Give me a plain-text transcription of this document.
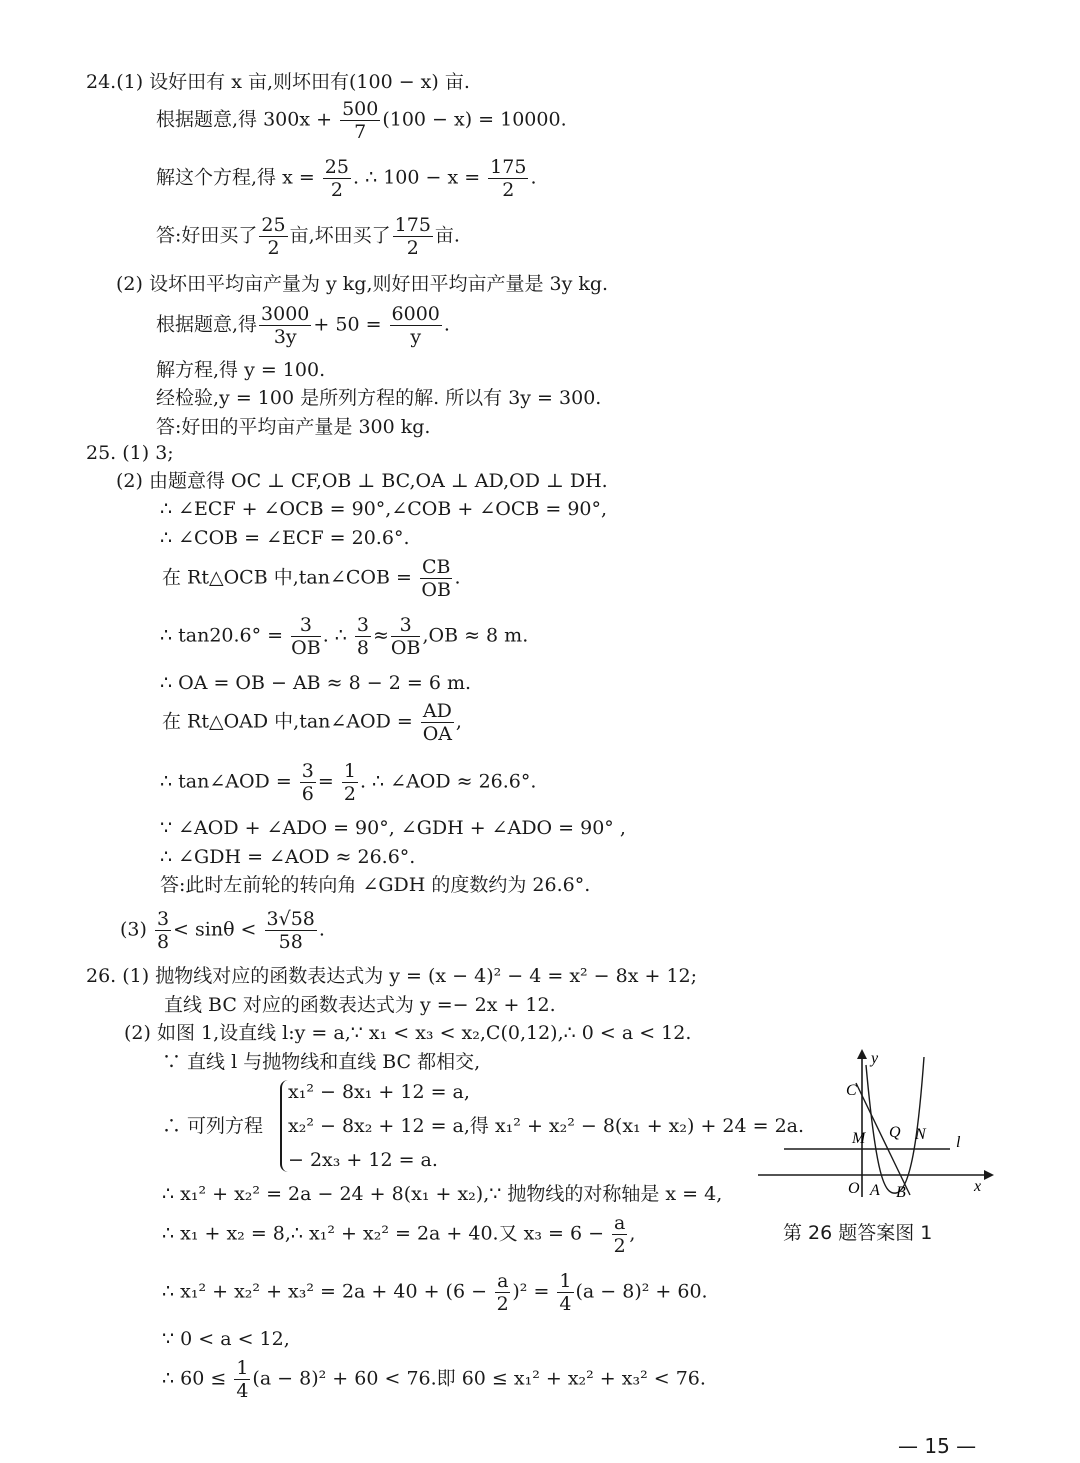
24.(1) 设好田有 x 亩,则坏田有(100 − x) 亩.
根据题意,得 $300x + \frac{500}{7} (100 - x) = 10000$.
解这个方程,得 $x = \frac{25}{2}$ . ∴ $100 - x = \frac{175}{2}$ .
答:好田买了 $\frac{25}{2}$ 亩,坏田买了 $\frac{175}{2}$ 亩.
(2) 设坏田平均亩产量为 y kg,则好田平均亩产量是 3y kg.
根据题意,得 $\frac{3000}{3y} + 50 = \frac{6000}{y}$ .
解方程,得 y = 100.
经检验,y = 100 是所列方程的解. 所以有 3y = 300.
答:好田的平均亩产量是 300 kg.
25. (1) 3;
(2) 由题意得 OC ⊥ CF,OB ⊥ BC,OA ⊥ AD,OD ⊥ DH.
∴ ∠ECF + ∠OCB = 90°,∠COB + ∠OCB = 90°,
∴ ∠COB = ∠ECF = 20.6°.
在 Rt△OCB 中,tan∠COB = $\frac{CB}{OB}$ .
∴ $\tan 20.6^\circ = \frac{3}{OB}$ . ∴ $\frac{3}{8} \approx \frac{3}{OB} ,OB \approx 8$ m.
∴ OA = OB − AB ≈ 8 − 2 = 6 m.
在 Rt△OAD 中,tan∠AOD = $\frac{AD}{OA}$ ,
∴ tan∠AOD = $\frac{3}{6} = \frac{1}{2}$ . ∴ ∠AOD ≈ 26.6°.
∵ ∠AOD + ∠ADO = 90°, ∠GDH + ∠ADO = 90° ,
∴ ∠GDH = ∠AOD ≈ 26.6°.
答:此时左前轮的转向角 ∠GDH 的度数约为 26.6°.
$(3) \frac{3}{8} < \sin\theta < \frac{3√58}{58}$ .
26. (1) 抛物线对应的函数表达式为 y = (x − 4)² − 4 = x² − 8x + 12;
直线 BC 对应的函数表达式为 y =− 2x + 12.
(2) 如图 1,设直线 l:y = a,∵ x₁ < x₃ < x₂,C(0,12),∴ 0 < a < 12.
∵ 直线 l 与抛物线和直线 BC 都相交,
∴ 可列方程
x₁² − 8x₁ + 12 = a,
x₂² − 8x₂ + 12 = a,得 x₁² + x₂² − 8(x₁ + x₂) + 24 = 2a.
− 2x₃ + 12 = a.
∴ x₁² + x₂² = 2a − 24 + 8(x₁ + x₂),∵ 抛物线的对称轴是 x = 4,
∴ x₁ + x₂ = 8,∴ x₁² + x₂² = 2a + 40.又 $x_3 = 6 - \frac{a}{2}$ ,
∴ $x_1^2 + x_2^2 + x_3^2 = 2a + 40 + (6 - \frac{a}{2} )^2 = \frac{1}{4} (a - 8)^2 + 60$.
∵ 0 < a < 12,
∴ $60 \le \frac{1}{4} (a - 8)^2 + 60 < 76$.即 60 ≤ x₁² + x₂² + x₃² < 76.
y
x
C
M Q N l
O A B
第 26 题答案图 1
— 15 —
